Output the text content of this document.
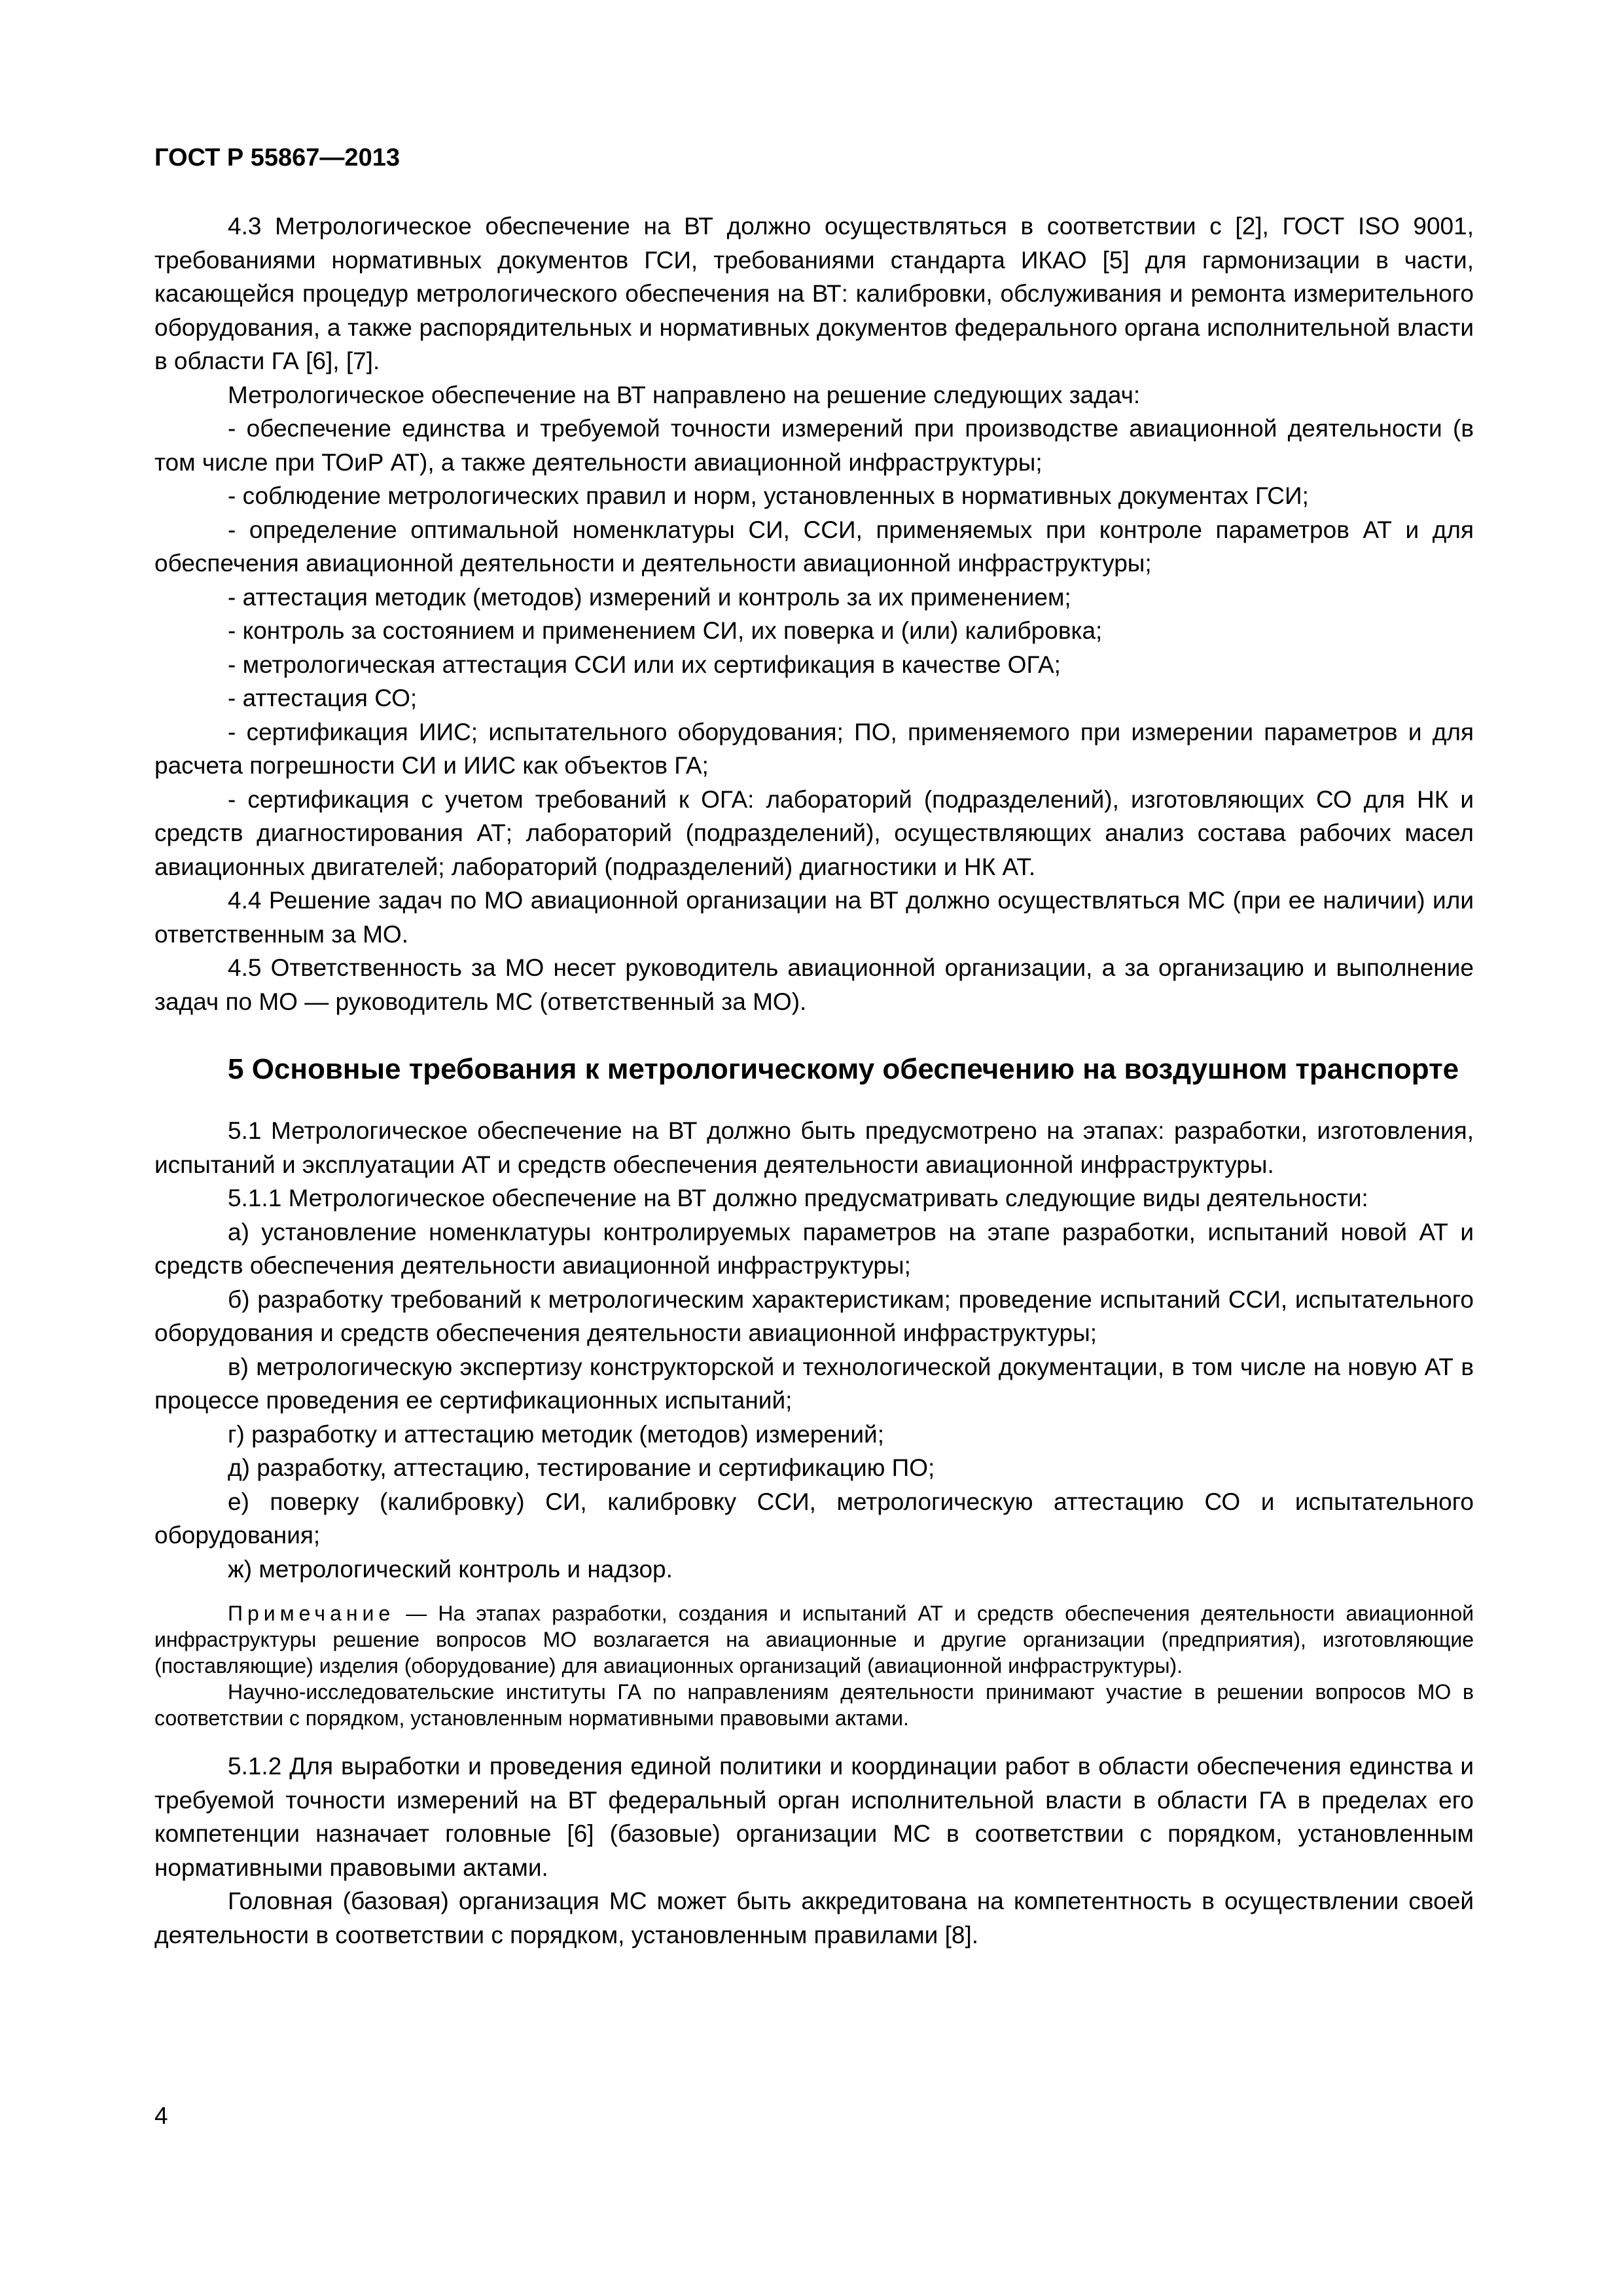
ГОСТ Р 55867—2013

4.3 Метрологическое обеспечение на ВТ должно осуществляться в соответствии с [2], ГОСТ ISO 9001, требованиями нормативных документов ГСИ, требованиями стандарта ИКАО [5] для гармонизации в части, касающейся процедур метрологического обеспечения на ВТ: калибровки, обслуживания и ремонта измерительного оборудования, а также распорядительных и нормативных документов федерального органа исполнительной власти в области ГА [6], [7].

Метрологическое обеспечение на ВТ направлено на решение следующих задач:

- обеспечение единства и требуемой точности измерений при производстве авиационной деятельности (в том числе при ТОиР АТ), а также деятельности авиационной инфраструктуры;

- соблюдение метрологических правил и норм, установленных в нормативных документах ГСИ;

- определение оптимальной номенклатуры СИ, ССИ, применяемых при контроле параметров АТ и для обеспечения авиационной деятельности и деятельности авиационной инфраструктуры;

- аттестация методик (методов) измерений и контроль за их применением;

- контроль за состоянием и применением СИ, их поверка и (или) калибровка;

- метрологическая аттестация ССИ или их сертификация в качестве ОГА;

- аттестация СО;

- сертификация ИИС; испытательного оборудования; ПО, применяемого при измерении параметров и для расчета погрешности СИ и ИИС как объектов ГА;

- сертификация с учетом требований к ОГА: лабораторий (подразделений), изготовляющих СО для НК и средств диагностирования АТ; лабораторий (подразделений), осуществляющих анализ состава рабочих масел авиационных двигателей; лабораторий (подразделений) диагностики и НК АТ.

4.4 Решение задач по МО авиационной организации на ВТ должно осуществляться МС (при ее наличии) или ответственным за МО.

4.5 Ответственность за МО несет руководитель авиационной организации, а за организацию и выполнение задач по МО — руководитель МС (ответственный за МО).

5 Основные требования к метрологическому обеспечению на воздушном транспорте

5.1 Метрологическое обеспечение на ВТ должно быть предусмотрено на этапах: разработки, изготовления, испытаний и эксплуатации АТ и средств обеспечения деятельности авиационной инфраструктуры.

5.1.1 Метрологическое обеспечение на ВТ должно предусматривать следующие виды деятельности:

а) установление номенклатуры контролируемых параметров на этапе разработки, испытаний новой АТ и средств обеспечения деятельности авиационной инфраструктуры;

б) разработку требований к метрологическим характеристикам; проведение испытаний ССИ, испытательного оборудования и средств обеспечения деятельности авиационной инфраструктуры;

в) метрологическую экспертизу конструкторской и технологической документации, в том числе на новую АТ в процессе проведения ее сертификационных испытаний;

г) разработку и аттестацию методик (методов) измерений;

д) разработку, аттестацию, тестирование и сертификацию ПО;

е) поверку (калибровку) СИ, калибровку ССИ, метрологическую аттестацию СО и испытательного оборудования;

ж) метрологический контроль и надзор.

Примечание — На этапах разработки, создания и испытаний АТ и средств обеспечения деятельности авиационной инфраструктуры решение вопросов МО возлагается на авиационные и другие организации (предприятия), изготовляющие (поставляющие) изделия (оборудование) для авиационных организаций (авиационной инфраструктуры).

Научно-исследовательские институты ГА по направлениям деятельности принимают участие в решении вопросов МО в соответствии с порядком, установленным нормативными правовыми актами.

5.1.2 Для выработки и проведения единой политики и координации работ в области обеспечения единства и требуемой точности измерений на ВТ федеральный орган исполнительной власти в области ГА в пределах его компетенции назначает головные [6] (базовые) организации МС в соответствии с порядком, установленным нормативными правовыми актами.

Головная (базовая) организация МС может быть аккредитована на компетентность в осуществлении своей деятельности в соответствии с порядком, установленным правилами [8].

4
